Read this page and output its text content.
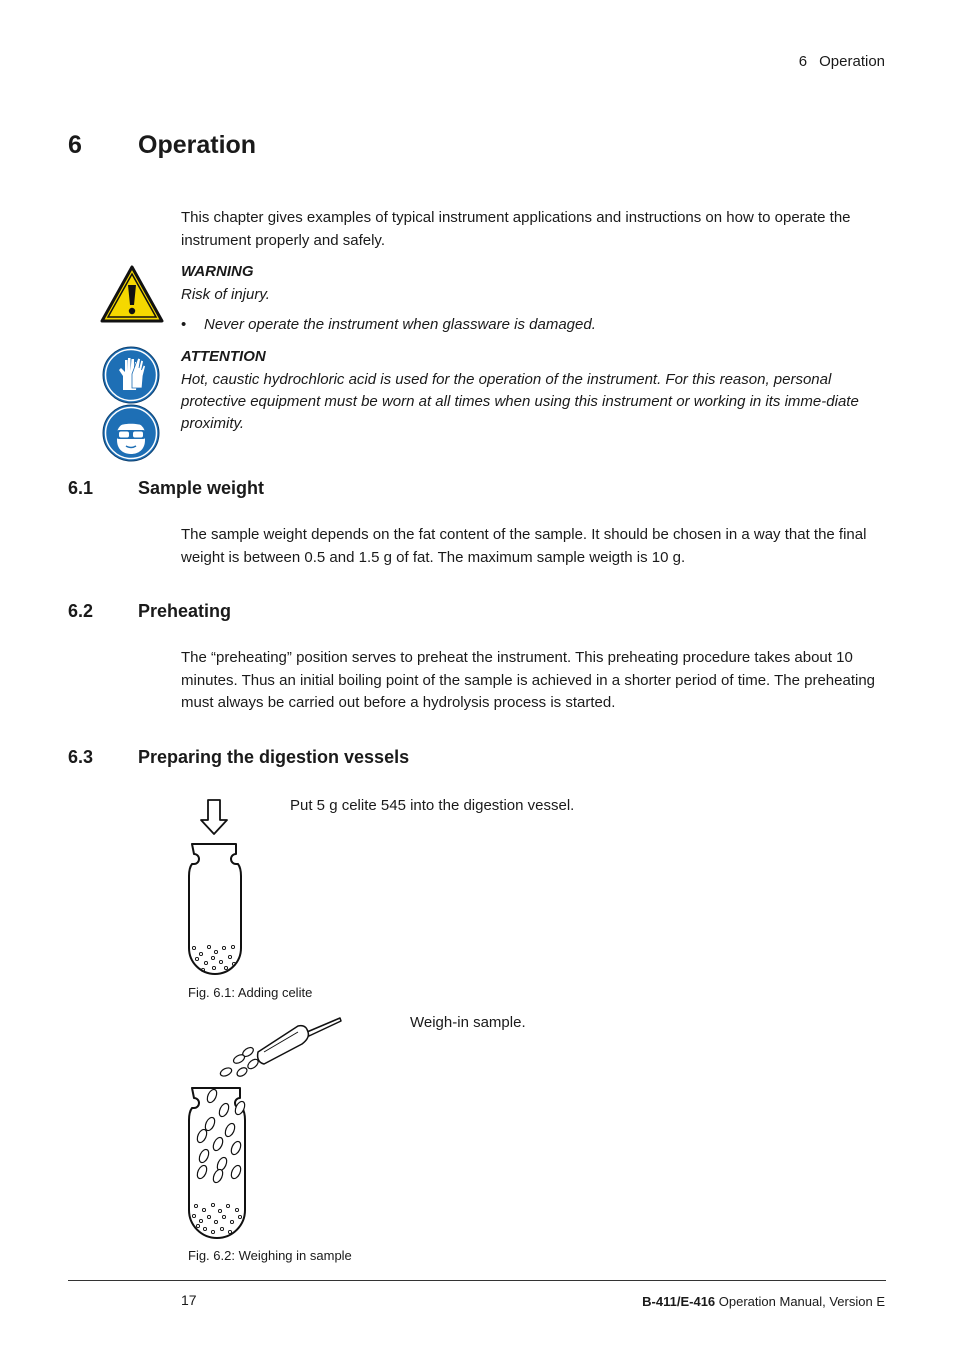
6 Operation
6 Operation
This chapter gives examples of typical instrument applications and instructions on how to operate the instrument properly and safely.
WARNING
Risk of injury.
• Never operate the instrument when glassware is damaged.
ATTENTION
Hot, caustic hydrochloric acid is used for the operation of the instrument. For this reason, personal protective equipment must be worn at all times when using this instrument or working in its imme-diate proximity.
6.1 Sample weight
The sample weight depends on the fat content of the sample. It should be chosen in a way that the final weight is between 0.5 and 1.5 g of fat. The maximum sample weigth is 10 g.
6.2 Preheating
The “preheating” position serves to preheat the instrument. This preheating procedure takes about 10 minutes. Thus an initial boiling point of the sample is achieved in a shorter period of time. The preheating must always be carried out before a hydrolysis process is started.
6.3 Preparing the digestion vessels
Put 5 g celite 545 into the digestion vessel.
Fig. 6.1: Adding celite
Weigh-in sample.
Fig. 6.2: Weighing in sample
17	B-411/E-416 Operation Manual, Version E
